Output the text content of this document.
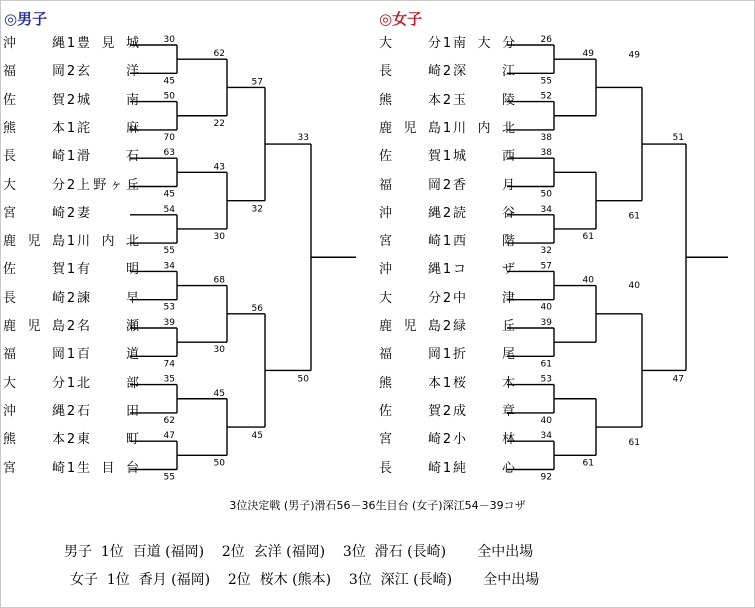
◎男子	◎女子
沖縄 1 豊見城
福岡 2 玄洋
佐賀 2 城南
熊本 1 詫麻
長崎 1 滑石
大分 2 上野ヶ丘
宮崎 2 妻
鹿児島 1 川内北
佐賀 1 有明
長崎 2 諫早
鹿児島 2 名瀬
福岡 1 百道
大分 1 北部
沖縄 2 石田
熊本 2 東町
宮崎 1 生目台
大分 1 南大分
長崎 2 深江
熊本 2 玉陵
鹿児島 1 川内北
佐賀 1 城西
福岡 2 香月
沖縄 2 読谷
宮崎 1 西階
沖縄 1 コザ
大分 2 中津
鹿児島 2 緑丘
福岡 1 折尾
熊本 1 桜木
佐賀 2 成章
宮崎 2 小林
長崎 1 純心
30
45
50
70
63
45
54
55
34
53
39
74
35
62
47
55
62
22
43
30
68
30
45
50
57
32
56
45
33
50
26
55
52
38
38
50
34
32
57
40
39
61
53
40
34
92
49
61
40
61
49
61
40
61
51
47
3位決定戦 (男子)滑石56－36生目台 (女子)深江54－39コザ
男子  1位  百道 (福岡)    2位  玄洋 (福岡)    3位  滑石 (長崎)       全中出場
女子  1位  香月 (福岡)    2位  桜木 (熊本)    3位  深江 (長崎)       全中出場
